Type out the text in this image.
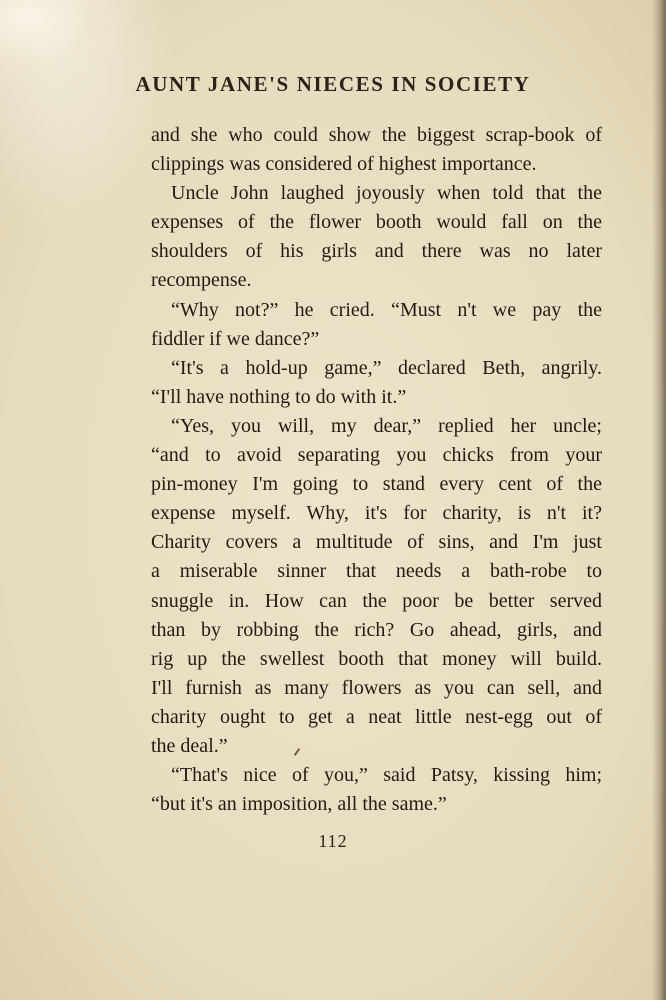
AUNT JANE'S NIECES IN SOCIETY
and she who could show the biggest scrap-book of
clippings was considered of highest importance.
Uncle John laughed joyously when told that the
expenses of the flower booth would fall on the
shoulders of his girls and there was no later
recompense.
“Why not?” he cried. “Must n't we pay the
fiddler if we dance?”
“It's a hold-up game,” declared Beth, angrily.
“I'll have nothing to do with it.”
“Yes, you will, my dear,” replied her uncle;
“and to avoid separating you chicks from your
pin-money I'm going to stand every cent of the
expense myself. Why, it's for charity, is n't it?
Charity covers a multitude of sins, and I'm just
a miserable sinner that needs a bath-robe to
snuggle in. How can the poor be better served
than by robbing the rich? Go ahead, girls, and
rig up the swellest booth that money will build.
I'll furnish as many flowers as you can sell, and
charity ought to get a neat little nest-egg out of
the deal.”
“That's nice of you,” said Patsy, kissing him;
“but it's an imposition, all the same.”

112
